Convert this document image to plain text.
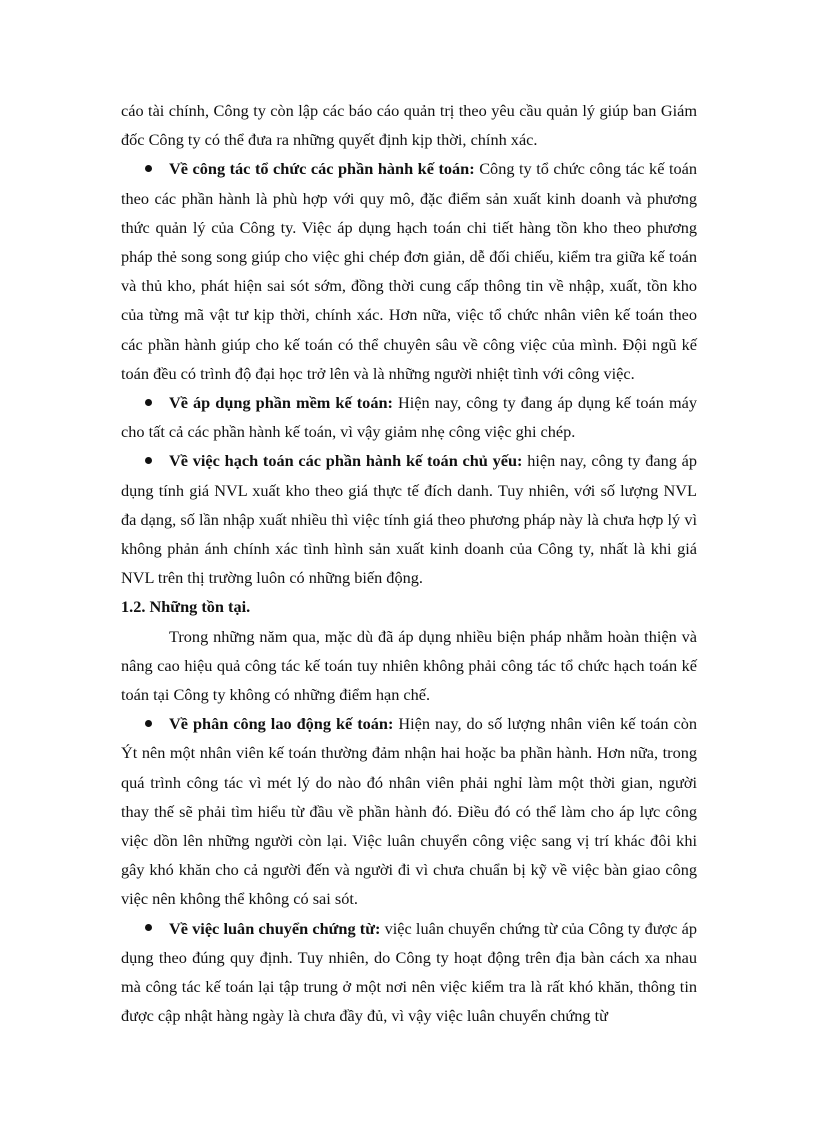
cáo tài chính, Công ty còn lập các báo cáo quản trị theo yêu cầu quản lý giúp ban Giám đốc Công ty có thể đưa ra những quyết định kịp thời, chính xác.

Về công tác tổ chức các phần hành kế toán: Công ty tổ chức công tác kế toán theo các phần hành là phù hợp với quy mô, đặc điểm sản xuất kinh doanh và phương thức quản lý của Công ty. Việc áp dụng hạch toán chi tiết hàng tồn kho theo phương pháp thẻ song song giúp cho việc ghi chép đơn giản, dễ đối chiếu, kiểm tra giữa kế toán và thủ kho, phát hiện sai sót sớm, đồng thời cung cấp thông tin về nhập, xuất, tồn kho của từng mã vật tư kịp thời, chính xác. Hơn nữa, việc tổ chức nhân viên kế toán theo các phần hành giúp cho kế toán có thể chuyên sâu về công việc của mình. Đội ngũ kế toán đều có trình độ đại học trở lên và là những người nhiệt tình với công việc.

Về áp dụng phần mềm kế toán: Hiện nay, công ty đang áp dụng kế toán máy cho tất cả các phần hành kế toán, vì vậy giảm nhẹ công việc ghi chép.

Về việc hạch toán các phần hành kế toán chủ yếu: hiện nay, công ty đang áp dụng tính giá NVL xuất kho theo giá thực tế đích danh. Tuy nhiên, với số lượng NVL đa dạng, số lần nhập xuất nhiều thì việc tính giá theo phương pháp này là chưa hợp lý vì không phản ánh chính xác tình hình sản xuất kinh doanh của Công ty, nhất là khi giá NVL trên thị trường luôn có những biến động.

1.2. Những tồn tại.

Trong những năm qua, mặc dù đã áp dụng nhiều biện pháp nhằm hoàn thiện và nâng cao hiệu quả công tác kế toán tuy nhiên không phải công tác tổ chức hạch toán kế toán tại Công ty không có những điểm hạn chế.

Về phân công lao động kế toán: Hiện nay, do số lượng nhân viên kế toán còn Ýt nên một nhân viên kế toán thường đảm nhận hai hoặc ba phần hành. Hơn nữa, trong quá trình công tác vì mét lý do nào đó nhân viên phải nghỉ làm một thời gian, người thay thế sẽ phải tìm hiểu từ đầu về phần hành đó. Điều đó có thể làm cho áp lực công việc dồn lên những người còn lại. Việc luân chuyển công việc sang vị trí khác đôi khi gây khó khăn cho cả người đến và người đi vì chưa chuẩn bị kỹ về việc bàn giao công việc nên không thể không có sai sót.

Về việc luân chuyển chứng từ: việc luân chuyển chứng từ của Công ty được áp dụng theo đúng quy định. Tuy nhiên, do Công ty hoạt động trên địa bàn cách xa nhau mà công tác kế toán lại tập trung ở một nơi nên việc kiểm tra là rất khó khăn, thông tin được cập nhật hàng ngày là chưa đầy đủ, vì vậy việc luân chuyển chứng từ
